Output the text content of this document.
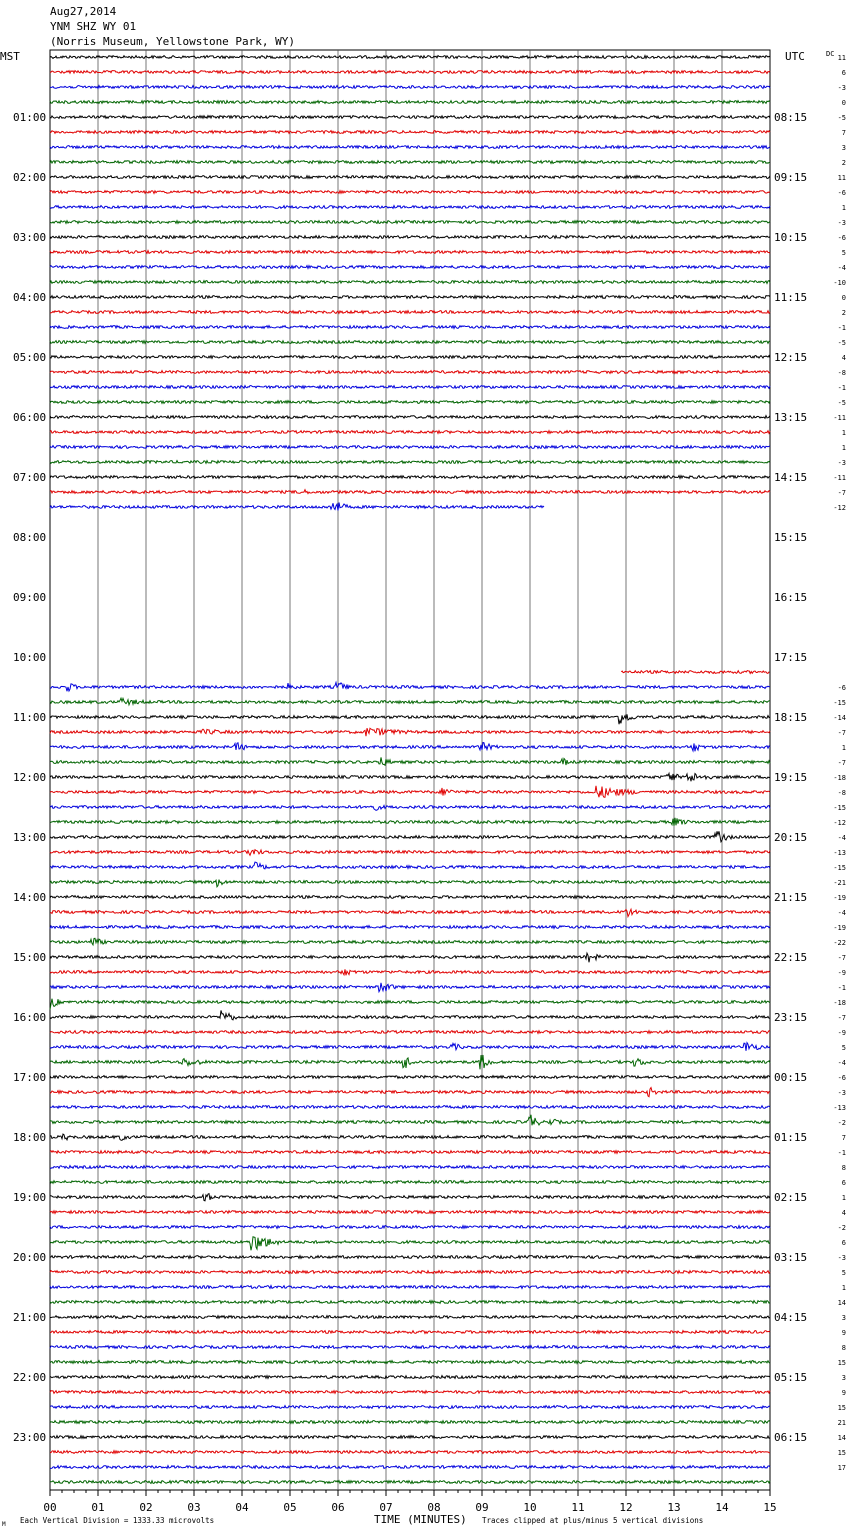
Aug27,2014
YNM SHZ WY 01
(Norris Museum, Yellowstone Park, WY)
MST	UTC	DC
01:00
02:00
03:00
04:00
05:00
06:00
07:00
08:00
09:00
10:00
11:00
12:00
13:00
14:00
15:00
16:00
17:00
18:00
19:00
20:00
21:00
22:00
23:00
08:15
09:15
10:15
11:15
12:15
13:15
14:15
15:15
16:15
17:15
18:15
19:15
20:15
21:15
22:15
23:15
00:15
01:15
02:15
03:15
04:15
05:15
06:15
11
6
-3
0
-5
7
3
2
11
-6
1
-3
-6
5
-4
-10
0
2
-1
-5
4
-8
-1
-5
-11
1
1
-3
-11
-7
-12
-6
-15
-14
-7
1
-7
-18
-8
-15
-12
-4
-13
-15
-21
-19
-4
-19
-22
-7
-9
-1
-18
-7
-9
5
-4
-6
-3
-13
-2
7
-1
8
6
1
4
-2
6
-3
5
1
14
3
9
8
15
3
9
15
21
14
15
17
00	01	02	03	04	05	06	07	08	09	10	11	12	13	14	15
M Each Vertical Division = 1333.33 microvolts	TIME (MINUTES) Traces clipped at plus/minus 5 vertical divisions
